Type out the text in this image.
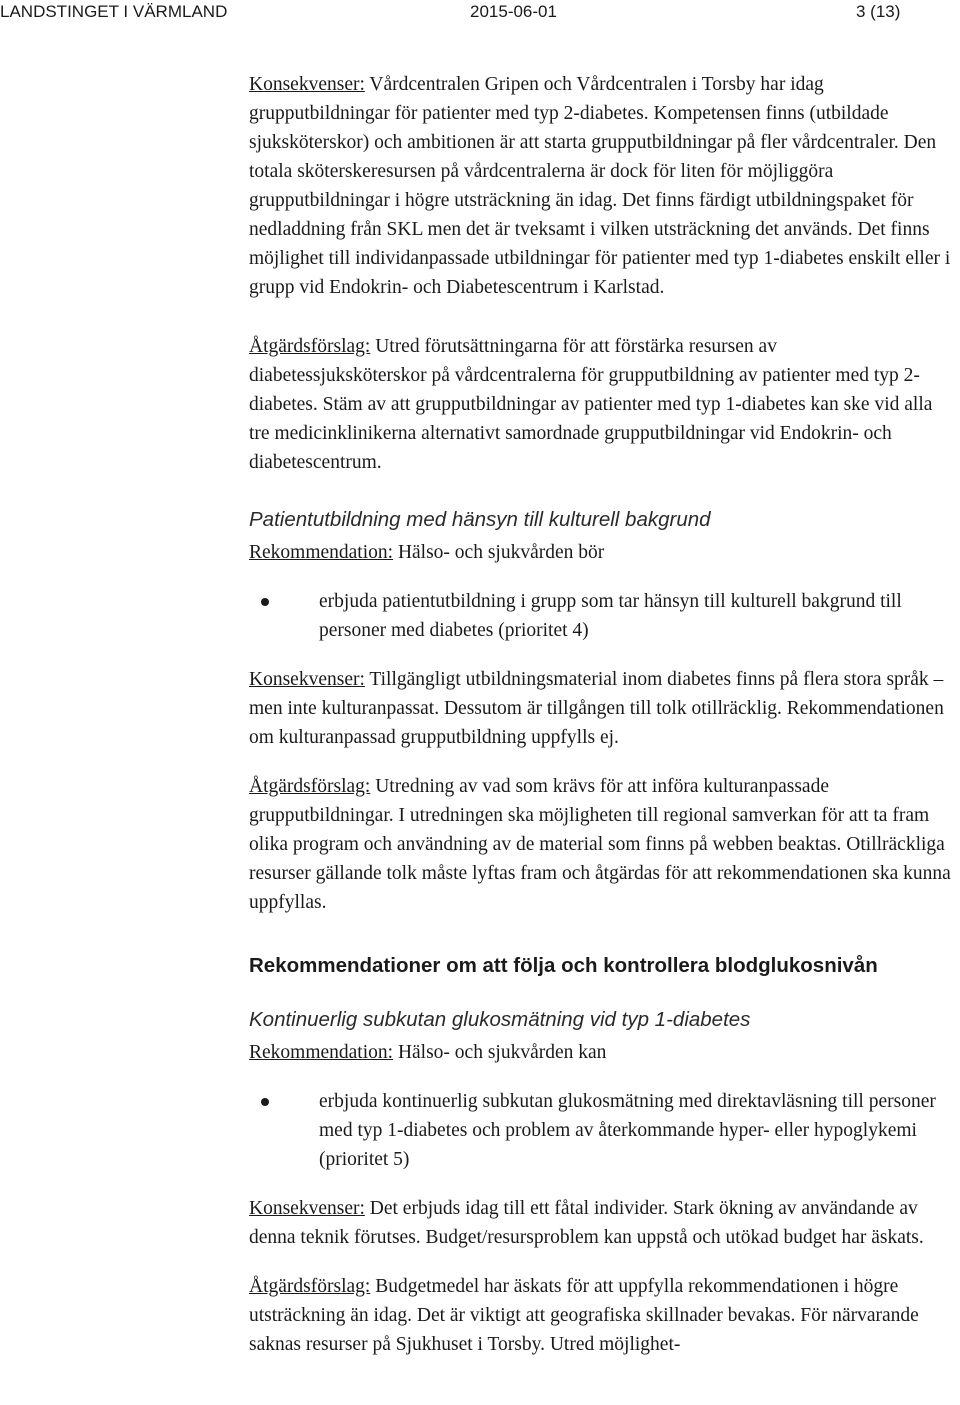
LANDSTINGET I VÄRMLAND	2015-06-01	3 (13)

Konsekvenser: Vårdcentralen Gripen och Vårdcentralen i Torsby har idag grupputbildningar för patienter med typ 2-diabetes. Kompetensen finns (utbildade sjuksköterskor) och ambitionen är att starta grupputbildningar på fler vårdcentraler. Den totala sköterskeresursen på vårdcentralerna är dock för liten för möjliggöra grupputbildningar i högre utsträckning än idag. Det finns färdigt utbildningspaket för nedladdning från SKL men det är tveksamt i vilken utsträckning det används. Det finns möjlighet till individanpassade utbildningar för patienter med typ 1-diabetes enskilt eller i grupp vid Endokrin- och Diabetescentrum i Karlstad.

Åtgärdsförslag: Utred förutsättningarna för att förstärka resursen av diabetessjuksköterskor på vårdcentralerna för grupputbildning av patienter med typ 2-diabetes. Stäm av att grupputbildningar av patienter med typ 1-diabetes kan ske vid alla tre medicinklinikerna alternativt samordnade grupputbildningar vid Endokrin- och diabetescentrum.

Patientutbildning med hänsyn till kulturell bakgrund

Rekommendation: Hälso- och sjukvården bör

erbjuda patientutbildning i grupp som tar hänsyn till kulturell bakgrund till personer med diabetes (prioritet 4)

Konsekvenser: Tillgängligt utbildningsmaterial inom diabetes finns på flera stora språk – men inte kulturanpassat. Dessutom är tillgången till tolk otillräcklig. Rekommendationen om kulturanpassad grupputbildning uppfylls ej.

Åtgärdsförslag: Utredning av vad som krävs för att införa kulturanpassade grupputbildningar. I utredningen ska möjligheten till regional samverkan för att ta fram olika program och användning av de material som finns på webben beaktas. Otillräckliga resurser gällande tolk måste lyftas fram och åtgärdas för att rekommendationen ska kunna uppfyllas.

Rekommendationer om att följa och kontrollera blodglukosnivån

Kontinuerlig subkutan glukosmätning vid typ 1-diabetes

Rekommendation: Hälso- och sjukvården kan

erbjuda kontinuerlig subkutan glukosmätning med direktavläsning till personer med typ 1-diabetes och problem av återkommande hyper- eller hypoglykemi (prioritet 5)

Konsekvenser: Det erbjuds idag till ett fåtal individer. Stark ökning av användande av denna teknik förutses. Budget/resursproblem kan uppstå och utökad budget har äskats.

Åtgärdsförslag: Budgetmedel har äskats för att uppfylla rekommendationen i högre utsträckning än idag. Det är viktigt att geografiska skillnader bevakas. För närvarande saknas resurser på Sjukhuset i Torsby. Utred möjlighet-
